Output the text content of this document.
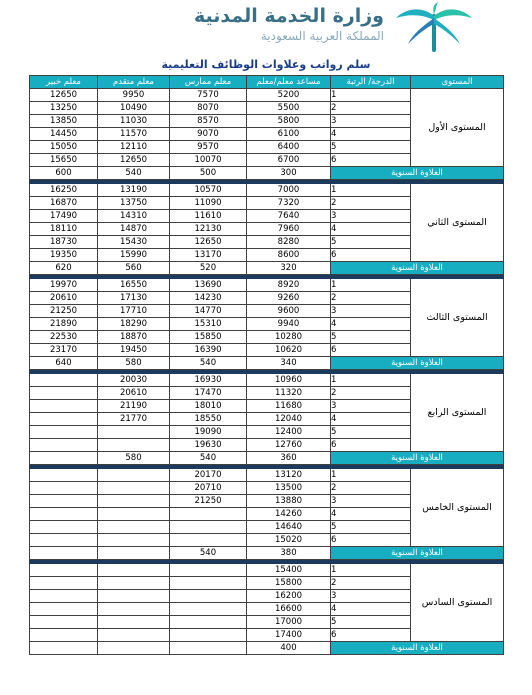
وزارة الخدمة المدنية
المملكة العربية السعودية
سلم رواتب وعلاوات الوظائف التعليمية
معلم خبير	معلم متقدم	معلم ممارس	مساعد معلم/معلم	الدرجة/ الرتبة	المستوى
12650	9950	7570	5200	1	المستوى الأول
13250	10490	8070	5500	2	
13850	11030	8570	5800	3	
14450	11570	9070	6100	4	
15050	12110	9570	6400	5	
15650	12650	10070	6700	6	
600	540	500	300	العلاوة السنوية	

16250	13190	10570	7000	1	المستوى الثاني
16870	13750	11090	7320	2	
17490	14310	11610	7640	3	
18110	14870	12130	7960	4	
18730	15430	12650	8280	5	
19350	15990	13170	8600	6	
620	560	520	320	العلاوة السنوية	

19970	16550	13690	8920	1	المستوى الثالث
20610	17130	14230	9260	2	
21250	17710	14770	9600	3	
21890	18290	15310	9940	4	
22530	18870	15850	10280	5	
23170	19450	16390	10620	6	
640	580	540	340	العلاوة السنوية	

	20030	16930	10960	1	المستوى الرابع
	20610	17470	11320	2	
	21190	18010	11680	3	
	21770	18550	12040	4	
		19090	12400	5	
		19630	12760	6	
	580	540	360	العلاوة السنوية	

		20170	13120	1	المستوى الخامس
		20710	13500	2	
		21250	13880	3	
			14260	4	
			14640	5	
			15020	6	
		540	380	العلاوة السنوية	

			15400	1	المستوى السادس
			15800	2	
			16200	3	
			16600	4	
			17000	5	
			17400	6	
			400	العلاوة السنوية	
